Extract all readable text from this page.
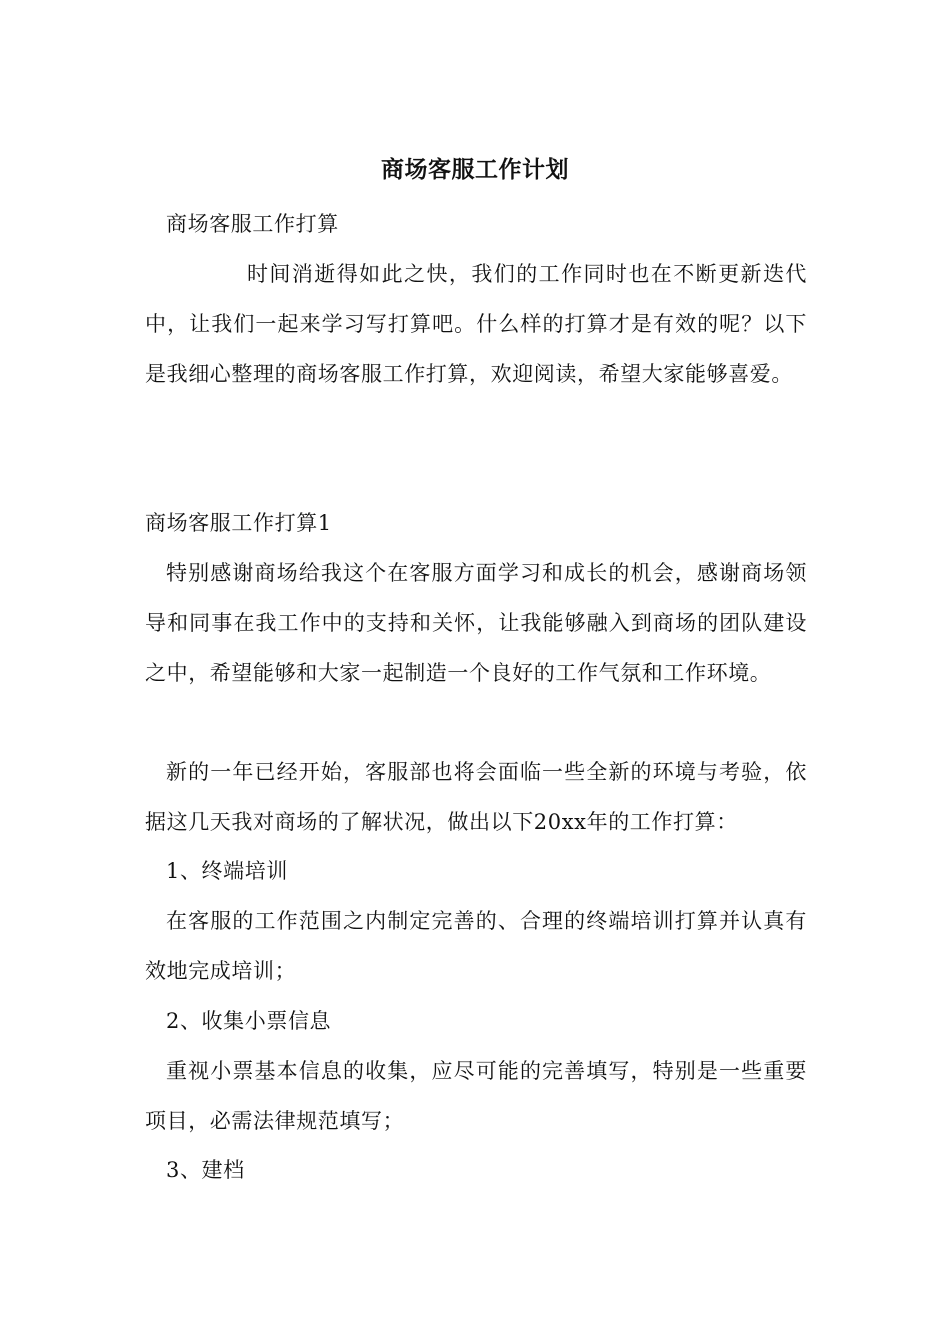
商场客服工作计划
商场客服工作打算
时间消逝得如此之快，我们的工作同时也在不断更新迭代中，让我们一起来学习写打算吧。什么样的打算才是有效的呢？以下是我细心整理的商场客服工作打算，欢迎阅读，希望大家能够喜爱。
商场客服工作打算1
特别感谢商场给我这个在客服方面学习和成长的机会，感谢商场领导和同事在我工作中的支持和关怀，让我能够融入到商场的团队建设之中，希望能够和大家一起制造一个良好的工作气氛和工作环境。
新的一年已经开始，客服部也将会面临一些全新的环境与考验，依据这几天我对商场的了解状况，做出以下20xx年的工作打算：
1、终端培训
在客服的工作范围之内制定完善的、合理的终端培训打算并认真有效地完成培训；
2、收集小票信息
重视小票基本信息的收集，应尽可能的完善填写，特别是一些重要项目，必需法律规范填写；
3、建档
